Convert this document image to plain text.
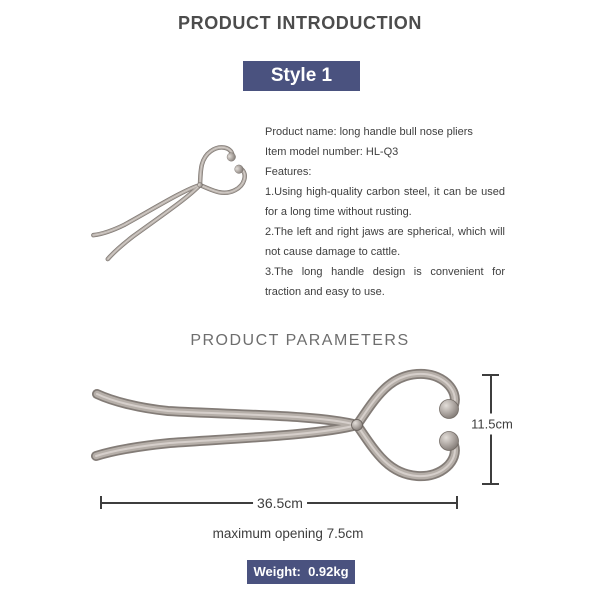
PRODUCT INTRODUCTION
Style 1
Product name: long handle bull nose pliers
Item model number: HL-Q3
Features:
1.Using high-quality carbon steel, it can be used
for a long time without rusting.
2.The left and right jaws are spherical, which will
not cause damage to cattle.
3.The long handle design is convenient for
traction and easy to use.
PRODUCT PARAMETERS
11.5cm
36.5cm
maximum opening 7.5cm
Weight:  0.92kg
